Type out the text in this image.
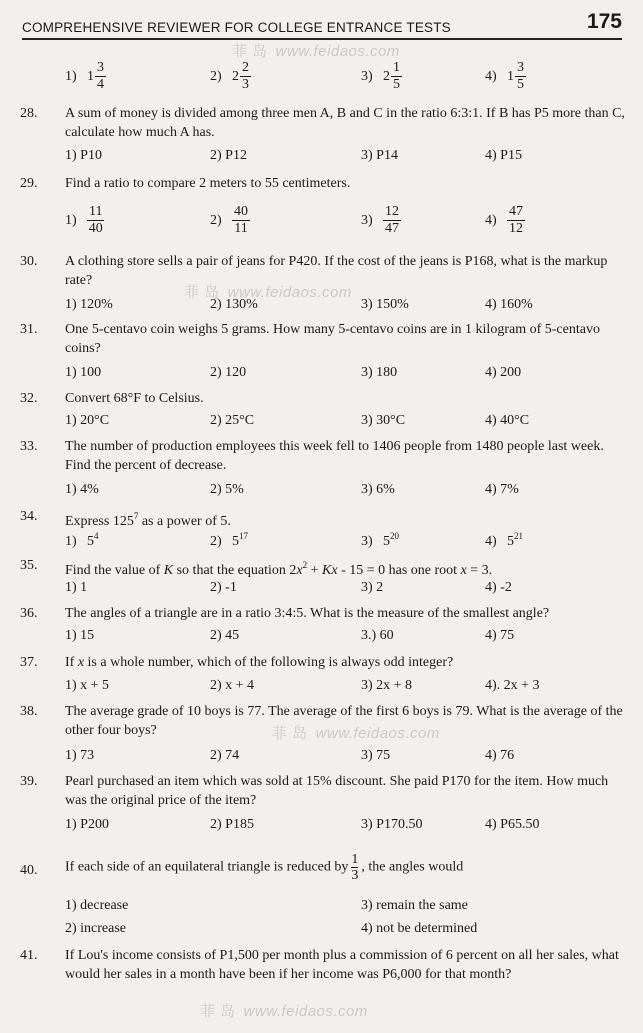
COMPREHENSIVE REVIEWER FOR COLLEGE ENTRANCE TESTS	175
菲 岛 www.feidaos.com
菲 岛 www.feidaos.com
菲 岛 www.feidaos.com
菲 岛 www.feidaos.com
1) $1 \frac{3}{4}$	2) $2 \frac{2}{3}$	3) $2 \frac{1}{5}$	4) $1 \frac{3}{5}$
28.	A sum of money is divided among three men A, B and C in the ratio 6:3:1. If B has P5 more than C, calculate how much A has.
1) P10	2) P12	3) P14	4) P15
29.	Find a ratio to compare 2 meters to 55 centimeters.
$1) \frac{11}{40}$	$2) \frac{40}{11}$	$3) \frac{12}{47}$	$4) \frac{47}{12}$
30.	A clothing store sells a pair of jeans for P420. If the cost of the jeans is P168, what is the markup rate?
1) 120%	2) 130%	3) 150%	4) 160%
31.	One 5-centavo coin weighs 5 grams. How many 5-centavo coins are in 1 kilogram of 5-centavo coins?
1) 100	2) 120	3) 180	4) 200
32.	Convert 68°F to Celsius.
1) 20°C	2) 25°C	3) 30°C	4) 40°C
33.	The number of production employees this week fell to 1406 people from 1480 people last week. Find the percent of decrease.
1) 4%	2) 5%	3) 6%	4) 7%
34.	Express $125^7$ as a power of 5.
1) $5^4$	2) $5^{17}$	3) $5^{20}$	4) $5^{21}$
35.	Find the value of K so that the equation $2x^2 + Kx - 15 = 0$ has one root x = 3.
1) 1	2) -1	3) 2	4) -2
36.	The angles of a triangle are in a ratio 3:4:5. What is the measure of the smallest angle?
1) 15	2) 45	3.) 60	4) 75
37.	If x is a whole number, which of the following is always odd integer?
1) x + 5	2) x + 4	3) 2x + 8	4). 2x + 3
38.	The average grade of 10 boys is 77. The average of the first 6 boys is 79. What is the average of the other four boys?
1) 73	2) 74	3) 75	4) 76
39.	Pearl purchased an item which was sold at 15% discount. She paid P170 for the item. How much was the original price of the item?
1) P200	2) P185	3) P170.50	4) P65.50
40.	If each side of an equilateral triangle is reduced by $\frac{1}{3}$ , the angles would
1) decrease
2) increase
3) remain the same
4) not be determined
41.	If Lou's income consists of P1,500 per month plus a commission of 6 percent on all her sales, what would her sales in a month have been if her income was P6,000 for that month?
